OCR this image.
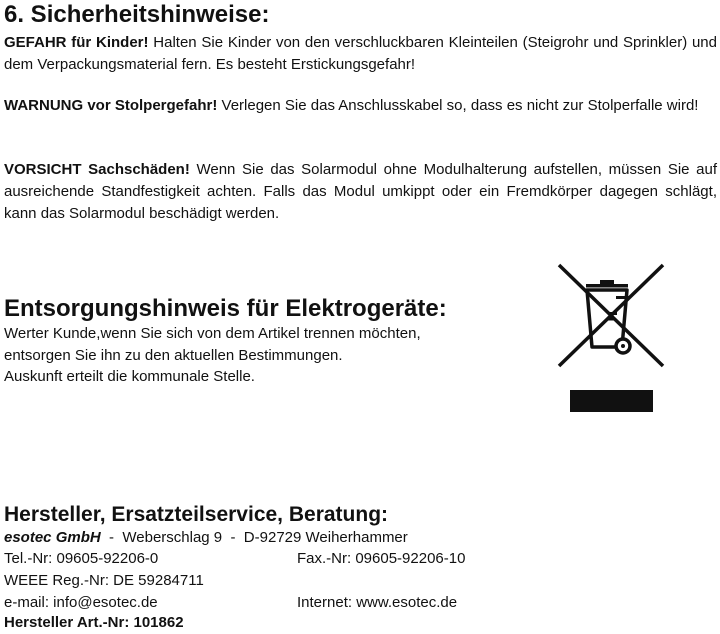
6. Sicherheitshinweise:
GEFAHR für Kinder! Halten Sie Kinder von den verschluckbaren Kleinteilen (Steigrohr und Sprinkler) und dem Verpackungsmaterial fern. Es besteht Erstickungsgefahr!
WARNUNG vor Stolpergefahr! Verlegen Sie das Anschlusskabel so, dass es nicht zur Stolperfalle wird!
VORSICHT Sachschäden! Wenn Sie das Solarmodul ohne Modulhalterung aufstellen, müssen Sie auf ausreichende Standfestigkeit achten. Falls das Modul umkippt oder ein Fremdkörper dagegen schlägt, kann das Solarmodul beschädigt werden.
Entsorgungshinweis für Elektrogeräte:
Werter Kunde,wenn Sie sich von dem Artikel trennen möchten,
entsorgen Sie ihn zu den aktuellen Bestimmungen.
Auskunft erteilt die kommunale Stelle.
Hersteller, Ersatzteilservice, Beratung:
esotec GmbH  -  Weberschlag 9  -  D-92729 Weiherhammer
Tel.-Nr: 09605-92206-0	Fax.-Nr: 09605-92206-10
WEEE Reg.-Nr: DE 59284711
e-mail: info@esotec.de	Internet: www.esotec.de
Hersteller Art.-Nr: 101862
